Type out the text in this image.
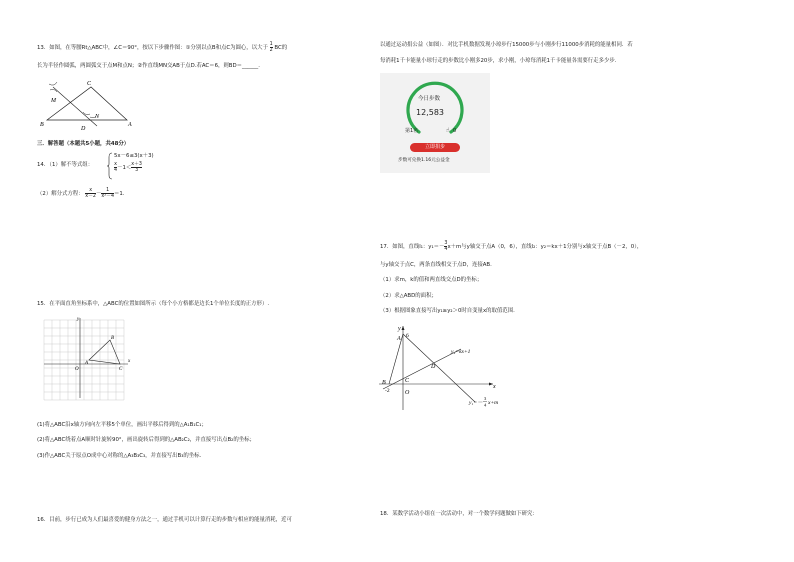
13．如图，在等腰Rt△ABC中，∠C＝90°，按以下步骤作图：①分别以点B和点C为圆心，以大于 $\frac{1}{2}$ BC的
长为半径作圆弧，两圆弧交于点M和点N；②作直线MN交AB于点D.若AC＝6，则BD＝______.
C
M
N
B
D
A
三．解答题（本题共5小题，共48分）
14．（1）解不等式组：
5x－6≤3(x＋3)
$\frac{x}{4} -1< \frac{x+3}{3}$
（2）解分式方程： $\frac{x}{x-2} - \frac{1}{\text{x²－4}} =1$.
15．在平面直角坐标系中，△ABC的位置如图所示（每个小方格都是边长1个单位长度的正方形）.
y
x
O
A
B
C
(1)将△ABC沿x轴方向向左平移5个单位，画出平移后得到的△A₁B₁C₁；
(2)将△ABC绕着点A顺时针旋转90°，画出旋转后得到的△AB₂C₂，并直接写出点B₂的坐标；
(3)作△ABC关于原点O成中心对称的△A₃B₃C₃，并直接写出B₃的坐标.
16．目前，步行已成为人们最喜爱的健身方法之一，通过手机可以计算行走的步数与相应的能量消耗，近可
以通过运动捐公益（如图）．对比手机数据发现小琼步行15000步与小刚步行11000步消耗的能量相同．若
每消耗1千卡能量小琼行走的步数比小刚多20步，求小刚，小琼每消耗1千卡能量各需要行走多少步.
今日步数
12,583
第1名	☝ 0
立即捐步
步数可兑换1.16元公益金
17．如图，直线l₁：$y_1=- \frac{3}{4} x+m$与y轴交于点A（0，6），直线l₂：y₂＝kx＋1分别与x轴交于点B（－2，0），
与y轴交于点C，两条直线相交于点D，连接AB.
（1）求m，k的值和两直线交点D的坐标；
（2）求△ABD的面积；
（3）根据图象直接写出y₁≥y₂＞0时自变量x的取值范围.
y
A 6
D
y₂=kx+1
B	C
-2	O
x
y₁=－
3
4 x+m
18．某数学活动小组在一次活动中，对一个数学问题做如下研究：
